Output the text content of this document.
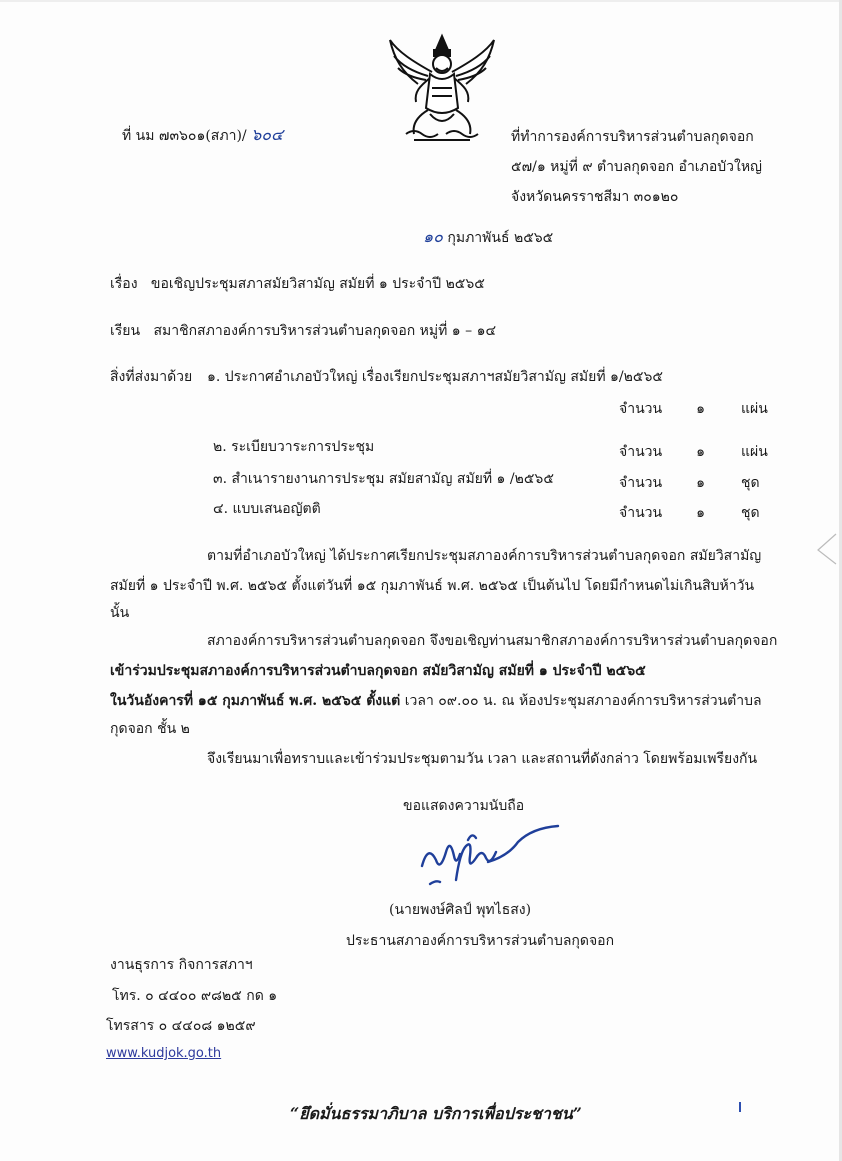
ที่ นม ๗๓๖๐๑(สภา)/ ๖๐๔	ที่ทำการองค์การบริหารส่วนตำบลกุดจอก
๕๗/๑ หมู่ที่ ๙ ตำบลกุดจอก อำเภอบัวใหญ่
จังหวัดนครราชสีมา ๓๐๑๒๐
๑๐ กุมภาพันธ์ ๒๕๖๕
เรื่อง ขอเชิญประชุมสภาสมัยวิสามัญ สมัยที่ ๑ ประจำปี ๒๕๖๕
เรียน สมาชิกสภาองค์การบริหารส่วนตำบลกุดจอก หมู่ที่ ๑ – ๑๔
สิ่งที่ส่งมาด้วย ๑. ประกาศอำเภอบัวใหญ่ เรื่องเรียกประชุมสภาฯสมัยวิสามัญ สมัยที่ ๑/๒๕๖๕
จำนวน ๑	แผ่น
๒. ระเบียบวาระการประชุม	จำนวน ๑	แผ่น
๓. สำเนารายงานการประชุม สมัยสามัญ สมัยที่ ๑ /๒๕๖๕	จำนวน ๑	ชุด
๔. แบบเสนอญัตติ	จำนวน ๑	ชุด
ตามที่อำเภอบัวใหญ่ ได้ประกาศเรียกประชุมสภาองค์การบริหารส่วนตำบลกุดจอก สมัยวิสามัญ
สมัยที่ ๑ ประจำปี พ.ศ. ๒๕๖๕ ตั้งแต่วันที่ ๑๕ กุมภาพันธ์ พ.ศ. ๒๕๖๕ เป็นต้นไป โดยมีกำหนดไม่เกินสิบห้าวัน
นั้น
สภาองค์การบริหารส่วนตำบลกุดจอก จึงขอเชิญท่านสมาชิกสภาองค์การบริหารส่วนตำบลกุดจอก
เข้าร่วมประชุมสภาองค์การบริหารส่วนตำบลกุดจอก สมัยวิสามัญ สมัยที่ ๑ ประจำปี ๒๕๖๕
ในวันอังคารที่ ๑๕ กุมภาพันธ์ พ.ศ. ๒๕๖๕ ตั้งแต่ เวลา ๐๙.๐๐ น. ณ ห้องประชุมสภาองค์การบริหารส่วนตำบล
กุดจอก ชั้น ๒
จึงเรียนมาเพื่อทราบและเข้าร่วมประชุมตามวัน เวลา และสถานที่ดังกล่าว โดยพร้อมเพรียงกัน
ขอแสดงความนับถือ
(นายพงษ์ศิลป์ พุทไธสง)
ประธานสภาองค์การบริหารส่วนตำบลกุดจอก
งานธุรการ กิจการสภาฯ
โทร. ๐ ๔๔๐๐ ๙๘๒๕ กด ๑
โทรสาร ๐ ๔๔๐๘ ๑๒๕๙
www.kudjok.go.th
“ยึดมั่นธรรมาภิบาล บริการเพื่อประชาชน”
